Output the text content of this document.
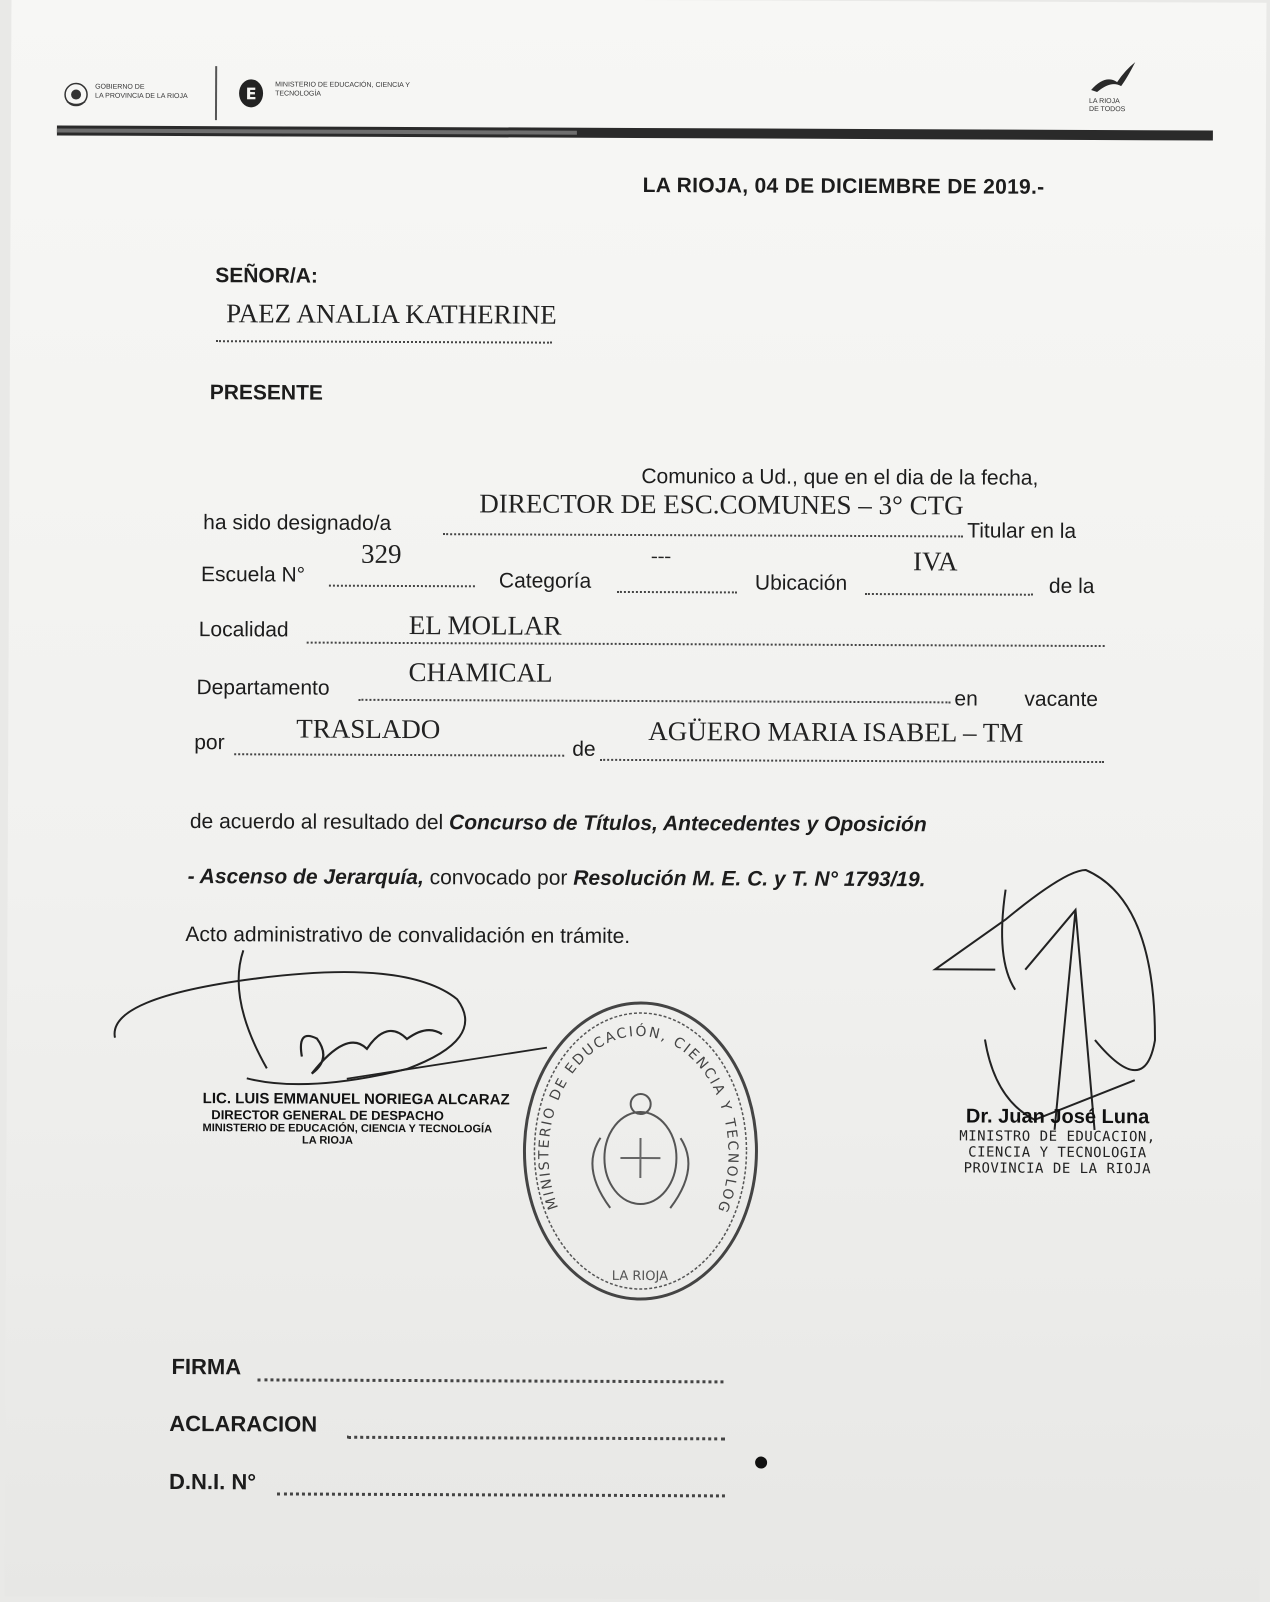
GOBIERNO DE
LA PROVINCIA DE LA RIOJA	E	MINISTERIO DE EDUCACIÓN, CIENCIA Y
TECNOLOGÍA
LA RIOJA
DE TODOS
LA RIOJA, 04 DE DICIEMBRE DE 2019.-
SEÑOR/A:
PAEZ ANALIA KATHERINE
PRESENTE
Comunico a Ud., que en el dia de la fecha,
DIRECTOR DE ESC.COMUNES – 3° CTG
ha sido designado/a	Titular en la
329
Escuela N°
---
Categoría
IVA
Ubicación	de la
EL MOLLAR
Localidad
CHAMICAL
Departamento	en vacante
TRASLADO
por	AGÜERO MARIA ISABEL – TM
de
de acuerdo al resultado del Concurso de Títulos, Antecedentes y Oposición
- Ascenso de Jerarquía, convocado por Resolución M. E. C. y T. N° 1793/19.
Acto administrativo de convalidación en trámite.
LIC. LUIS EMMANUEL NORIEGA ALCARAZ
DIRECTOR GENERAL DE DESPACHO
MINISTERIO DE EDUCACIÓN, CIENCIA Y TECNOLOGÍA
LA RIOJA
MINISTERIO DE EDUCACIÓN, CIENCIA Y TECNOLOGÍA
LA RIOJA
Dr. Juan José Luna
MINISTRO DE EDUCACION,
CIENCIA Y TECNOLOGIA
PROVINCIA DE LA RIOJA
FIRMA
ACLARACION
D.N.I. N°
